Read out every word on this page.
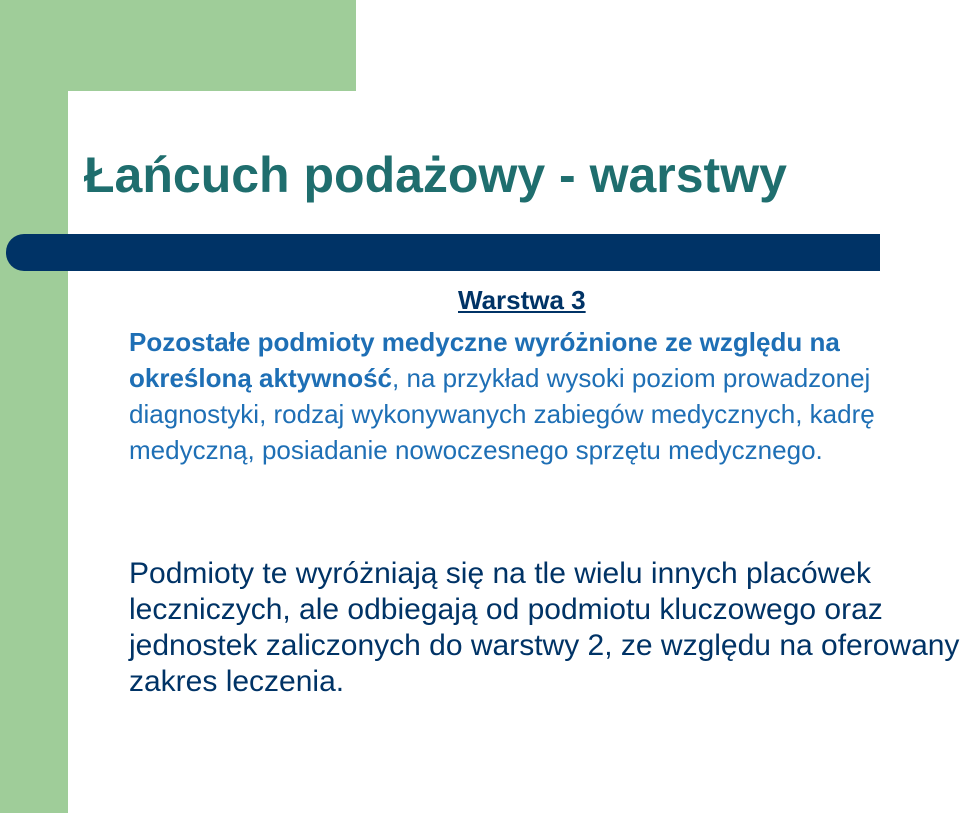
Łańcuch podażowy - warstwy
Warstwa 3

Pozostałe podmioty medyczne wyróżnione ze względu na określoną aktywność, na przykład wysoki poziom prowadzonej diagnostyki, rodzaj wykonywanych zabiegów medycznych, kadrę medyczną, posiadanie nowoczesnego sprzętu medycznego.

Podmioty te wyróżniają się na tle wielu innych placówek leczniczych, ale odbiegają od podmiotu kluczowego oraz jednostek zaliczonych do warstwy 2, ze względu na oferowany zakres leczenia.
